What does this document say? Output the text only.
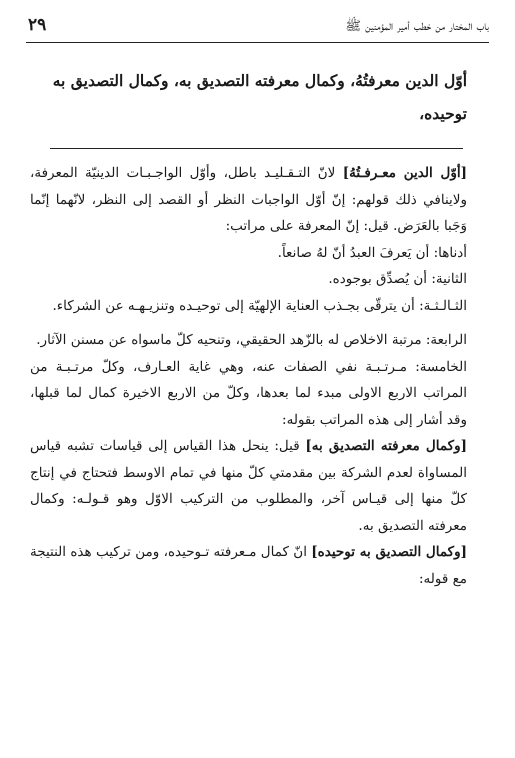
باب المختار من خطب أمير المؤمنين ﷺ
٢٩

أوّل الدين معرفتُهُ، وكمال معرفته التصديق به، وكمال التصديق به توحيده،

[أوّل الدين معـرفـتُهُ] لانّ التـقـليـد باطل، وأوّل الواجـبـات الدينيّة المعرفة، ولاينافي ذلك قولهم: إنّ أوّل الواجبات النظر أو القصد إلى النظر، لانّهما إنّما وَجَبا بالعَرَض. قيل: إنّ المعرفة على مراتب:

أدناها: أن يَعرفَ العبدُ أنّ لهُ صانعاً.

الثانية: أن يُصدِّق بوجوده.

الثـالـثـة: أن يترقّى بجـذب العناية الإلهيّة إلى توحيـده وتنزيـهـه عن الشركاء.

الرابعة: مرتبة الاخلاص له بالزّهد الحقيقي، وتنحيه كلّ ماسواه عن مسنن الآثار.

الخامسة: مـرتـبـة نفي الصفات عنه، وهي غاية العـارف، وكلّ مرتـبـة من المراتب الاربع الاولى مبدء لما بعدها، وكلّ من الاربع الاخيرة كمال لما قبلها، وقد أشار إلى هذه المراتب بقوله:

[وكمال معرفته التصديق به] قيل: ينحل هذا القياس إلى قياسات تشبه قياس المساواة لعدم الشركة بين مقدمتي كلّ منها في تمام الاوسط فتحتاج في إنتاج كلّ منها إلى قيـاس آخر، والمطلوب من التركيب الاوّل وهو قـولـه: وكمال معرفته التصديق به.

[وكمال التصديق به توحيده] انّ كمال مـعرفته تـوحيده، ومن تركيب هذه النتيجة مع قوله:
